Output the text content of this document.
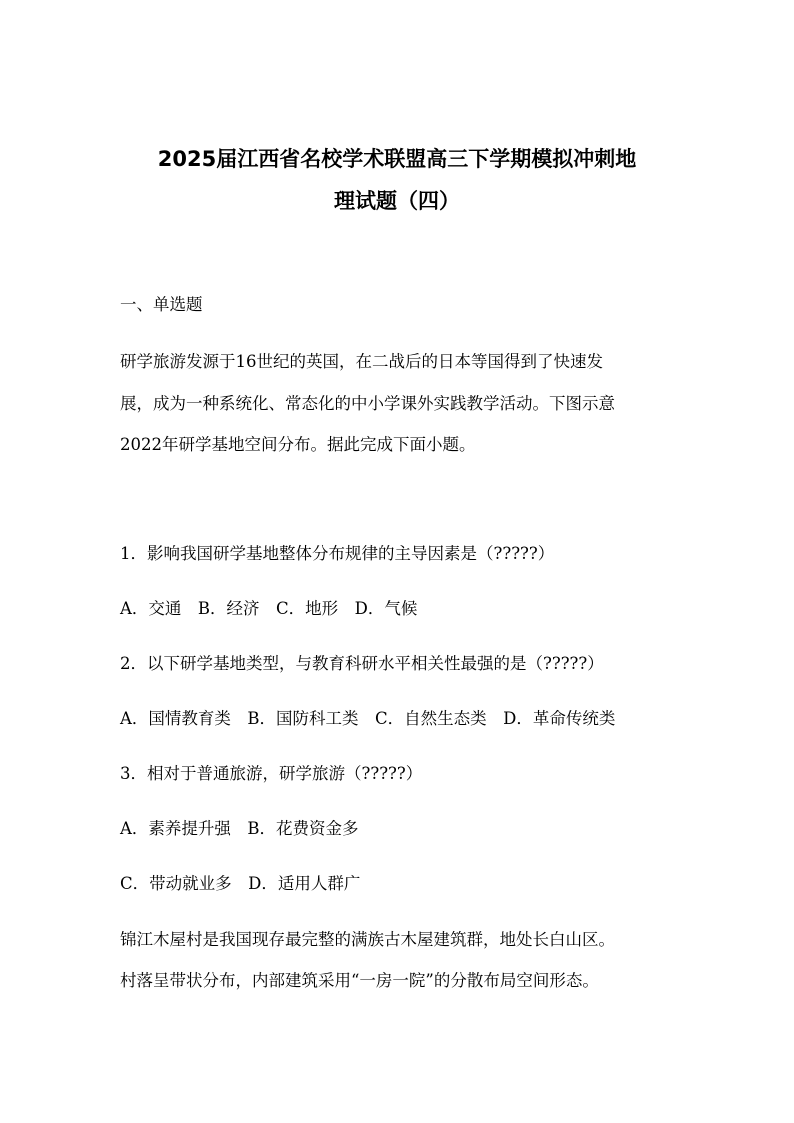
2025届江西省名校学术联盟高三下学期模拟冲刺地
理试题（四）

一、单选题

研学旅游发源于16世纪的英国，在二战后的日本等国得到了快速发

展，成为一种系统化、常态化的中小学课外实践教学活动。下图示意

2022年研学基地空间分布。据此完成下面小题。

1．影响我国研学基地整体分布规律的主导因素是（?????）

A．交通　B．经济　C．地形　D．气候

2．以下研学基地类型，与教育科研水平相关性最强的是（?????）

A．国情教育类　B．国防科工类　C．自然生态类　D．革命传统类

3．相对于普通旅游，研学旅游（?????）

A．素养提升强　B．花费资金多

C．带动就业多　D．适用人群广

锦江木屋村是我国现存最完整的满族古木屋建筑群，地处长白山区。

村落呈带状分布，内部建筑采用“一房一院”的分散布局空间形态。
